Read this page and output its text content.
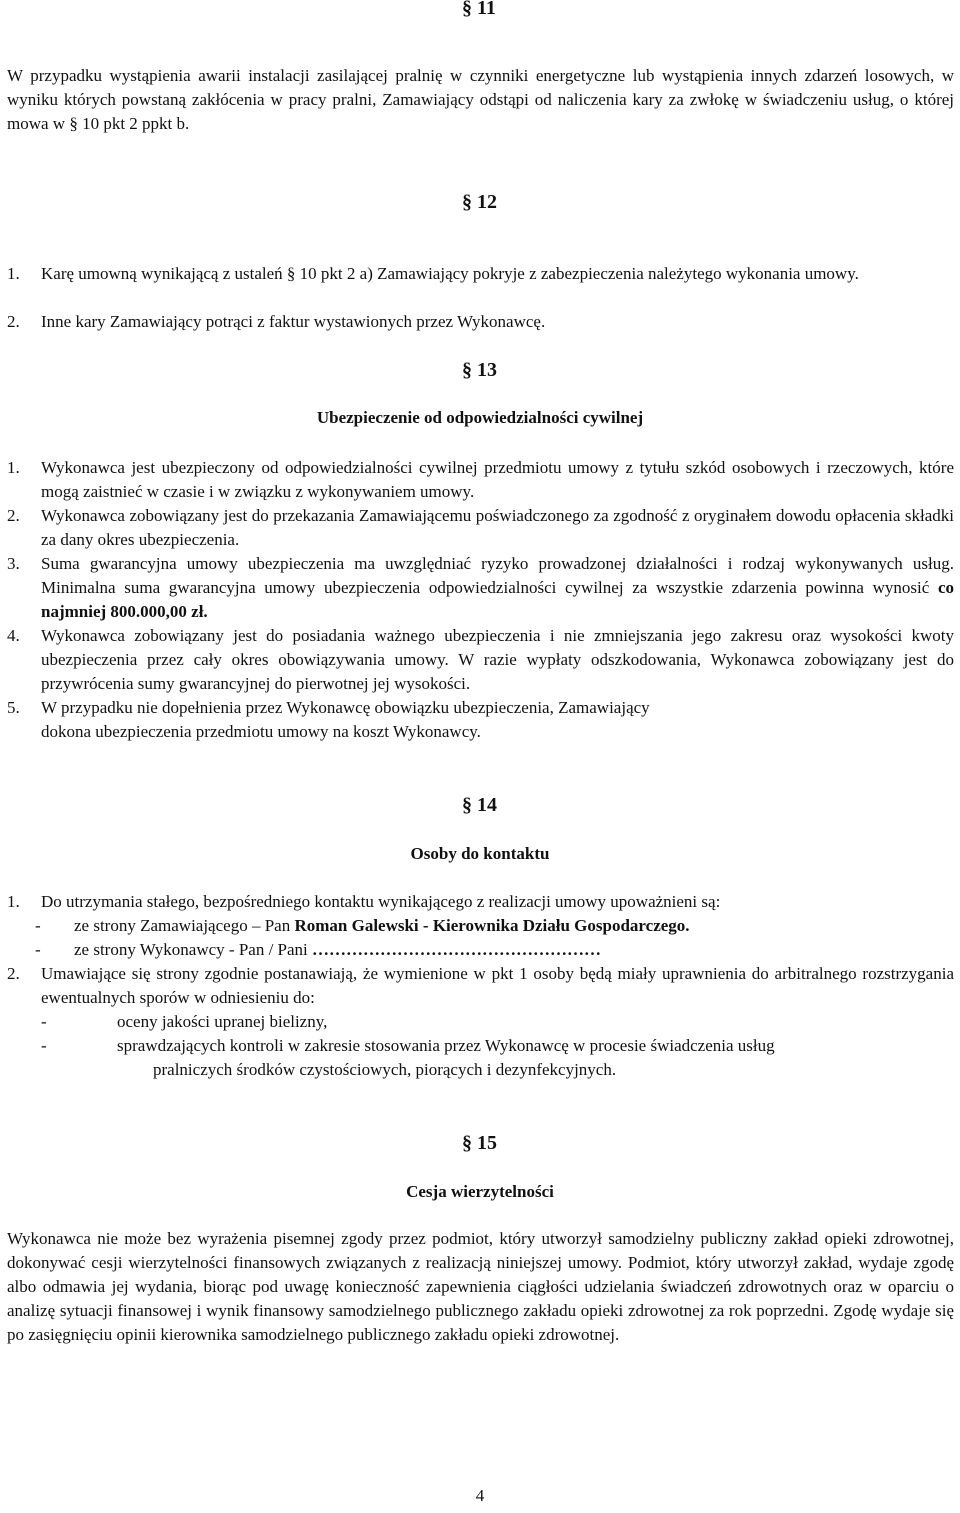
§ 11

W przypadku wystąpienia awarii instalacji zasilającej pralnię w czynniki energetyczne lub wystąpienia innych zdarzeń losowych, w wyniku których powstaną zakłócenia w pracy pralni, Zamawiający odstąpi od naliczenia kary za zwłokę w świadczeniu usług, o której mowa w § 10 pkt 2 ppkt b.

§ 12
1. Karę umowną wynikającą z ustaleń § 10 pkt 2 a) Zamawiający pokryje z zabezpieczenia należytego wykonania umowy.

2. Inne kary Zamawiający potrąci z faktur wystawionych przez Wykonawcę.

§ 13

Ubezpieczenie od odpowiedzialności cywilnej

1. Wykonawca jest ubezpieczony od odpowiedzialności cywilnej przedmiotu umowy z tytułu szkód osobowych i rzeczowych, które mogą zaistnieć w czasie i w związku z wykonywaniem umowy.

2. Wykonawca zobowiązany jest do przekazania Zamawiającemu poświadczonego za zgodność z oryginałem dowodu opłacenia składki za dany okres ubezpieczenia.

3. Suma gwarancyjna umowy ubezpieczenia ma uwzględniać ryzyko prowadzonej działalności i rodzaj wykonywanych usług. Minimalna suma gwarancyjna umowy ubezpieczenia odpowiedzialności cywilnej za wszystkie zdarzenia powinna wynosić co najmniej 800.000,00 zł.

4. Wykonawca zobowiązany jest do posiadania ważnego ubezpieczenia i nie zmniejszania jego zakresu oraz wysokości kwoty ubezpieczenia przez cały okres obowiązywania umowy. W razie wypłaty odszkodowania, Wykonawca zobowiązany jest do przywrócenia sumy gwarancyjnej do pierwotnej jej wysokości.

5. W przypadku nie dopełnienia przez Wykonawcę obowiązku ubezpieczenia, Zamawiający

dokona ubezpieczenia przedmiotu umowy na koszt Wykonawcy.

§ 14

Osoby do kontaktu

1. Do utrzymania stałego, bezpośredniego kontaktu wynikającego z realizacji umowy upoważnieni są:

- ze strony Zamawiającego – Pan Roman Galewski - Kierownika Działu Gospodarczego.

- ze strony Wykonawcy - Pan / Pani ……………………………………………

2. Umawiające się strony zgodnie postanawiają, że wymienione w pkt 1 osoby będą miały uprawnienia do arbitralnego rozstrzygania ewentualnych sporów w odniesieniu do:

-	oceny jakości upranej bielizny,

-	sprawdzających kontroli w zakresie stosowania przez Wykonawcę w procesie świadczenia usług

pralniczych środków czystościowych, piorących i dezynfekcyjnych.

§ 15

Cesja wierzytelności

Wykonawca nie może bez wyrażenia pisemnej zgody przez podmiot, który utworzył samodzielny publiczny zakład opieki zdrowotnej, dokonywać cesji wierzytelności finansowych związanych z realizacją niniejszej umowy. Podmiot, który utworzył zakład, wydaje zgodę albo odmawia jej wydania, biorąc pod uwagę konieczność zapewnienia ciągłości udzielania świadczeń zdrowotnych oraz w oparciu o analizę sytuacji finansowej i wynik finansowy samodzielnego publicznego zakładu opieki zdrowotnej za rok poprzedni. Zgodę wydaje się po zasięgnięciu opinii kierownika samodzielnego publicznego zakładu opieki zdrowotnej.

4
